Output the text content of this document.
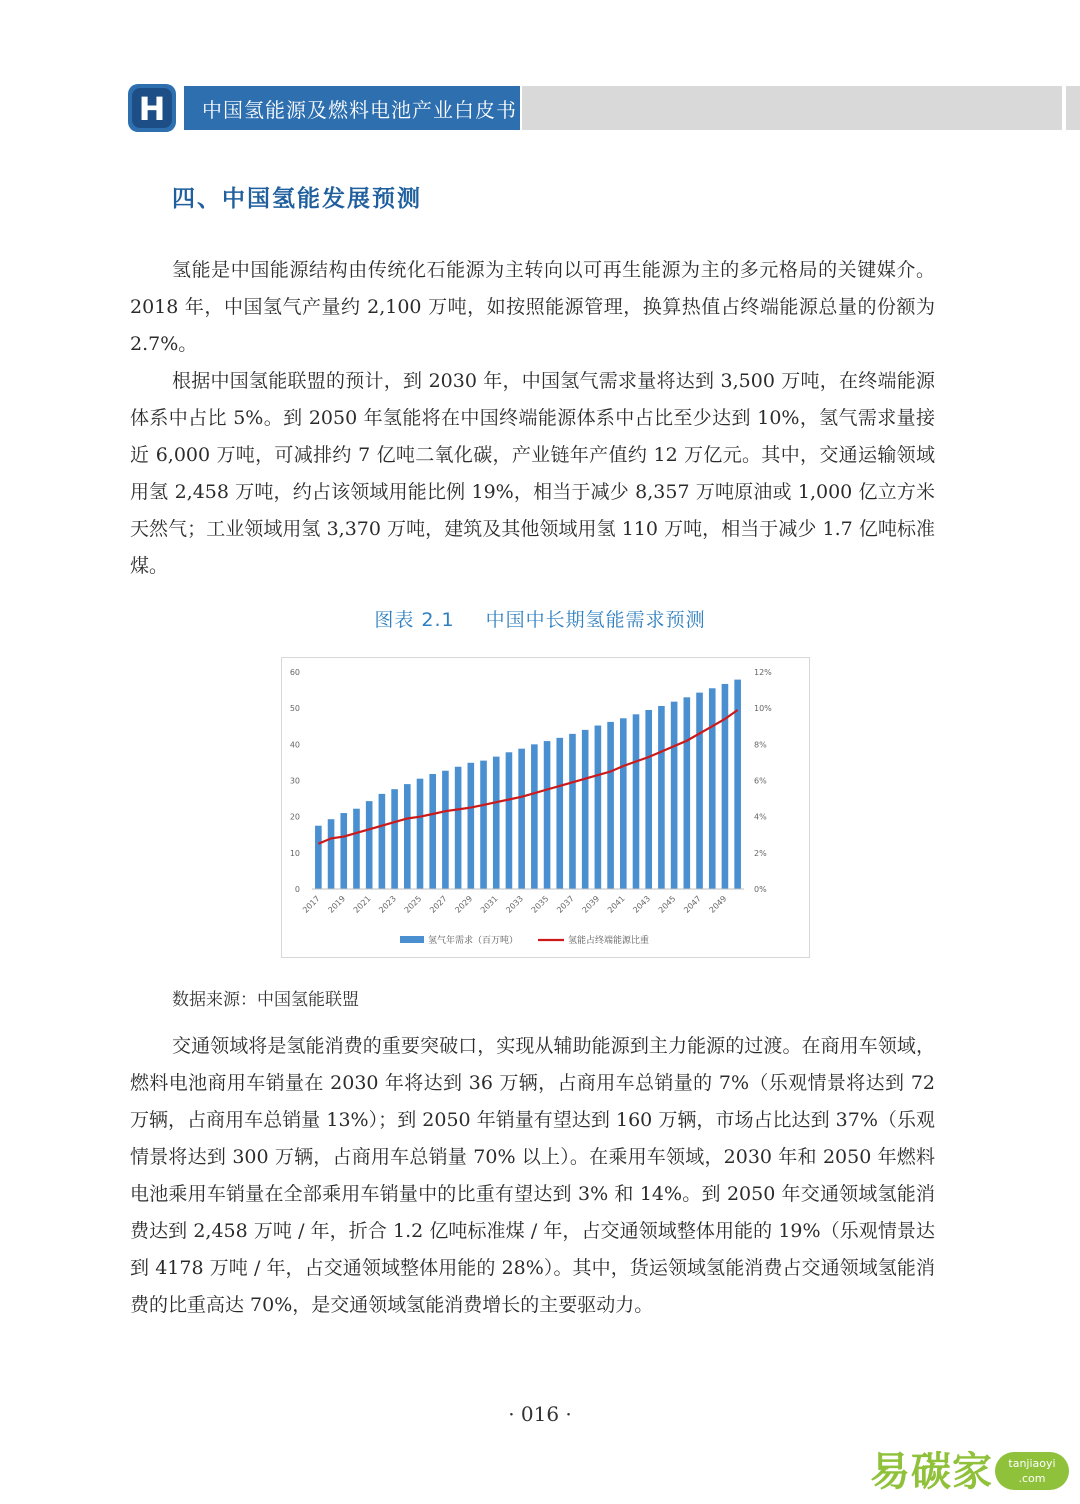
H	中国氢能源及燃料电池产业白皮书
四、中国氢能发展预测

氢能是中国能源结构由传统化石能源为主转向以可再生能源为主的多元格局的关键媒介。2018 年，中国氢气产量约 2,100 万吨，如按照能源管理，换算热值占终端能源总量的份额为 2.7%。

根据中国氢能联盟的预计，到 2030 年，中国氢气需求量将达到 3,500 万吨，在终端能源体系中占比 5%。到 2050 年氢能将在中国终端能源体系中占比至少达到 10%，氢气需求量接近 6,000 万吨，可减排约 7 亿吨二氧化碳，产业链年产值约 12 万亿元。其中，交通运输领域用氢 2,458 万吨，约占该领域用能比例 19%，相当于减少 8,357 万吨原油或 1,000 亿立方米天然气；工业领域用氢 3,370 万吨，建筑及其他领域用氢 110 万吨，相当于减少 1.7 亿吨标准煤。

图表 2.1 中国中长期氢能需求预测
0
10
20
30
40
50
60
0%
2%
4%
6%
8%
10%
12%
2017 2019 2021 2023 2025 2027 2029 2031 2033 2035 2037 2039 2041 2043 2045 2047 2049
氢气年需求（百万吨）	氢能占终端能源比重
数据来源：中国氢能联盟

交通领域将是氢能消费的重要突破口，实现从辅助能源到主力能源的过渡。在商用车领域，燃料电池商用车销量在 2030 年将达到 36 万辆，占商用车总销量的 7%（乐观情景将达到 72 万辆，占商用车总销量 13%）；到 2050 年销量有望达到 160 万辆，市场占比达到 37%（乐观情景将达到 300 万辆，占商用车总销量 70% 以上）。在乘用车领域，2030 年和 2050 年燃料电池乘用车销量在全部乘用车销量中的比重有望达到 3% 和 14%。到 2050 年交通领域氢能消费达到 2,458 万吨 / 年，折合 1.2 亿吨标准煤 / 年，占交通领域整体用能的 19%（乐观情景达到 4178 万吨 / 年，占交通领域整体用能的 28%）。其中，货运领域氢能消费占交通领域氢能消费的比重高达 70%，是交通领域氢能消费增长的主要驱动力。

· 016 ·
易碳家	tanjiaoyi
.com
